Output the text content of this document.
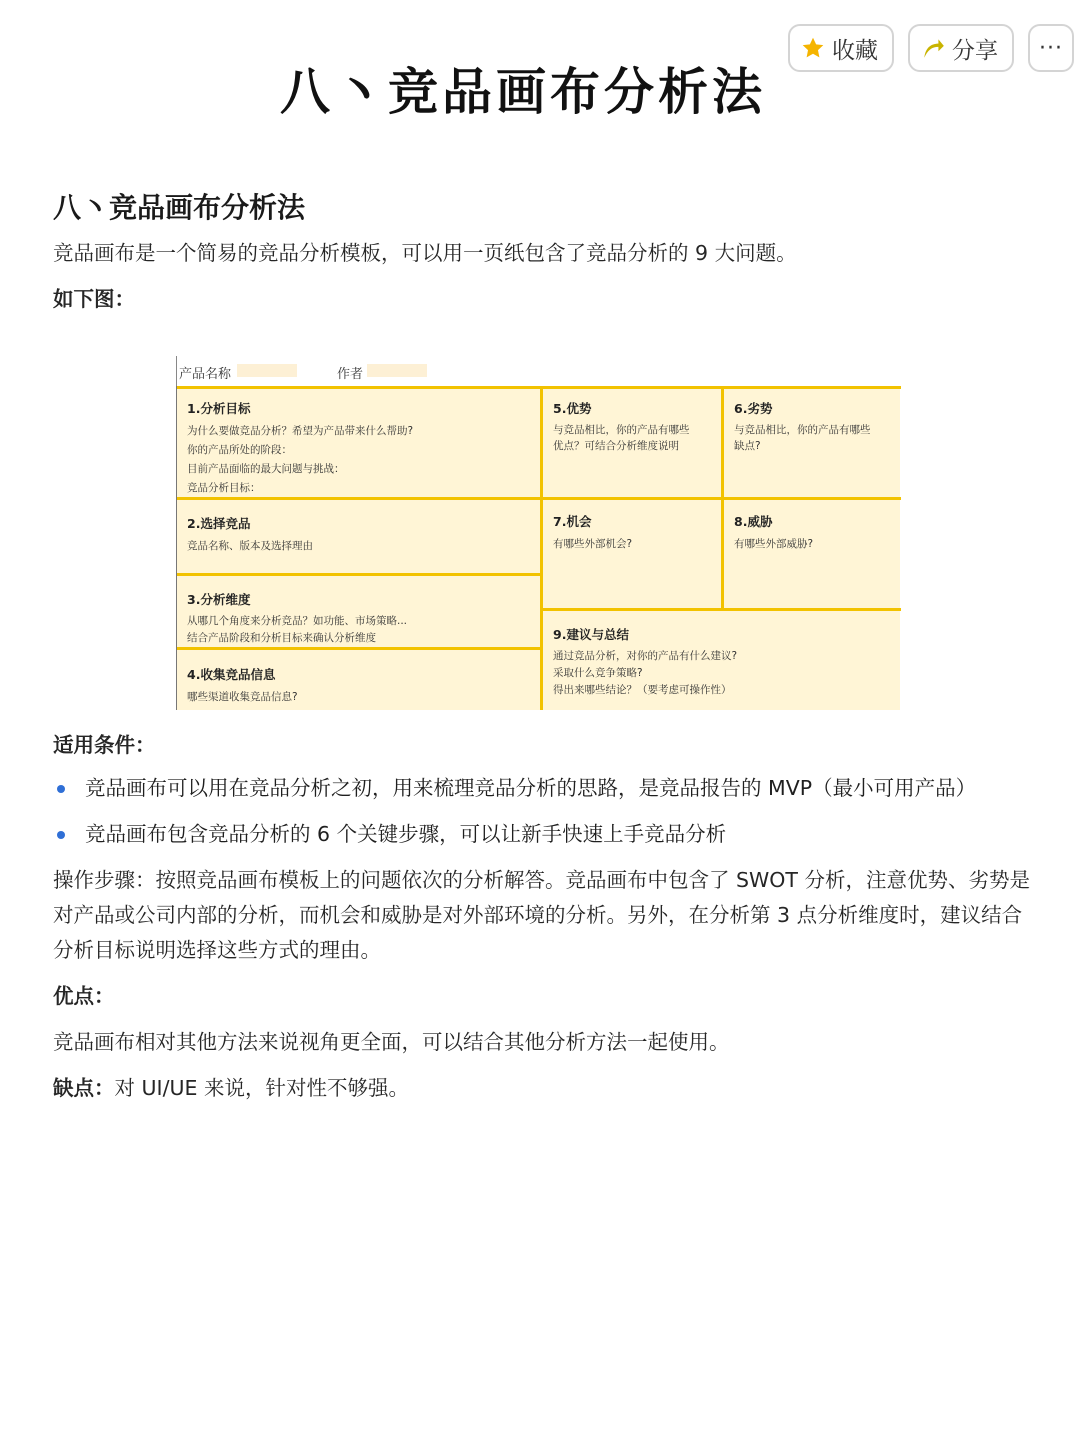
收藏	分享 ···
八丶竞品画布分析法
八丶竞品画布分析法
竞品画布是一个简易的竞品分析模板，可以用一页纸包含了竞品分析的 9 大问题。
如下图：
适用条件：
竞品画布可以用在竞品分析之初，用来梳理竞品分析的思路，是竞品报告的 MVP（最小可用产品）
竞品画布包含竞品分析的 6 个关键步骤，可以让新手快速上手竞品分析
操作步骤：按照竞品画布模板上的问题依次的分析解答。竞品画布中包含了 SWOT 分析，注意优势、劣势是对产品或公司内部的分析，而机会和威胁是对外部环境的分析。另外，在分析第 3 点分析维度时，建议结合分析目标说明选择这些方式的理由。
优点：
竞品画布相对其他方法来说视角更全面，可以结合其他分析方法一起使用。
缺点：对 UI/UE 来说，针对性不够强。
产品名称	作者
1.分析目标
为什么要做竞品分析？希望为产品带来什么帮助?
你的产品所处的阶段：
目前产品面临的最大问题与挑战：
竞品分析目标：
2.选择竞品
竞品名称、版本及选择理由
3.分析维度
从哪几个角度来分析竞品？如功能、市场策略...
结合产品阶段和分析目标来确认分析维度
4.收集竞品信息
哪些渠道收集竞品信息?
5.优势
与竞品相比，你的产品有哪些
优点？可结合分析维度说明
6.劣势
与竞品相比，你的产品有哪些
缺点?
7.机会
有哪些外部机会?
8.威胁
有哪些外部威胁?
9.建议与总结
通过竞品分析，对你的产品有什么建议?
采取什么竞争策略?
得出来哪些结论？（要考虑可操作性）
